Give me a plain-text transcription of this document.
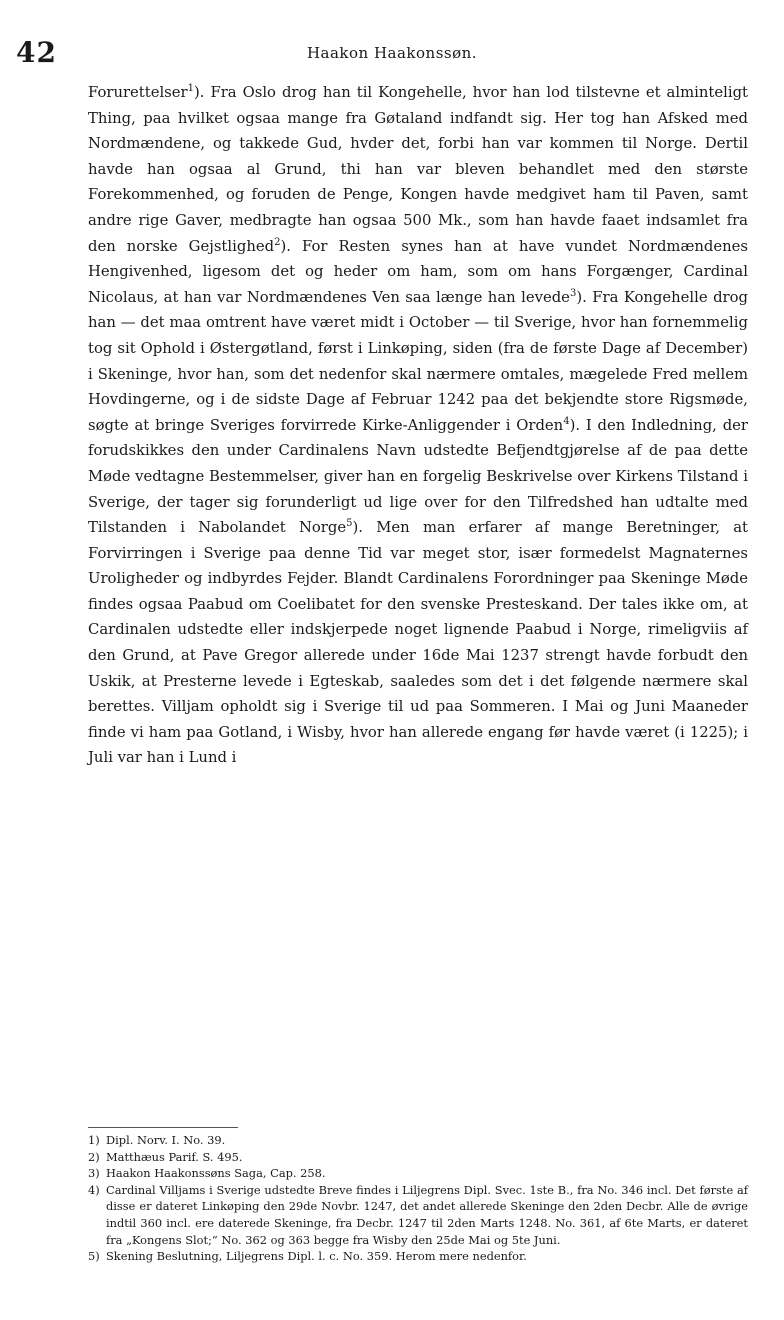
42	Haakon Haakonssøn.

Forurettelser$^1$). Fra Oslo drog han til Kongehelle, hvor han lod tilstevne et alminteligt Thing, paa hvilket ogsaa mange fra Gøtaland indfandt sig. Her tog han Afsked med Nordmændene, og takkede Gud, hvder det, forbi han var kommen til Norge. Dertil havde han ogsaa al Grund, thi han var bleven behandlet med den største Forekommenhed, og foruden de Penge, Kongen havde medgivet ham til Paven, samt andre rige Gaver, medbragte han ogsaa 500 Mk., som han havde faaet indsamlet fra den norske Gejstlighed$^2$). For Resten synes han at have vundet Nordmændenes Hengivenhed, ligesom det og heder om ham, som om hans Forgænger, Cardinal Nicolaus, at han var Nordmændenes Ven saa længe han levede$^3$). Fra Kongehelle drog han — det maa omtrent have været midt i October — til Sverige, hvor han fornemmelig tog sit Ophold i Østergøtland, først i Linkøping, siden (fra de første Dage af December) i Skeninge, hvor han, som det nedenfor skal nærmere omtales, mægelede Fred mellem Hovdingerne, og i de sidste Dage af Februar 1242 paa det bekjendte store Rigsmøde, søgte at bringe Sveriges forvirrede Kirke-Anliggender i Orden$^4$). I den Indledning, der forudskikkes den under Cardinalens Navn udstedte Befjendtgjørelse af de paa dette Møde vedtagne Bestemmelser, giver han en forgelig Beskrivelse over Kirkens Tilstand i Sverige, der tager sig forunderligt ud lige over for den Tilfredshed han udtalte med Tilstanden i Nabolandet Norge$^5$). Men man erfarer af mange Beretninger, at Forvirringen i Sverige paa denne Tid var meget stor, især formedelst Magnaternes Uroligheder og indbyrdes Fejder. Blandt Cardinalens Forordninger paa Skeninge Møde findes ogsaa Paabud om Coelibatet for den svenske Presteskand. Der tales ikke om, at Cardinalen udstedte eller indskjerpede noget lignende Paabud i Norge, rimeligviis af den Grund, at Pave Gregor allerede under 16de Mai 1237 strengt havde forbudt den Uskik, at Presterne levede i Egteskab, saaledes som det i det følgende nærmere skal berettes. Villjam opholdt sig i Sverige til ud paa Sommeren. I Mai og Juni Maaneder finde vi ham paa Gotland, i Wisby, hvor han allerede engang før havde været (i 1225); i Juli var han i Lund i

1) Dipl. Norv. I. No. 39.

2) Matthæus Parif. S. 495.

3) Haakon Haakonssøns Saga, Cap. 258.

4) Cardinal Villjams i Sverige udstedte Breve findes i Liljegrens Dipl. Svec. 1ste B., fra No. 346 incl. Det første af disse er dateret Linkøping den 29de Novbr. 1247, det andet allerede Skeninge den 2den Decbr. Alle de øvrige indtil 360 incl. ere daterede Skeninge, fra Decbr. 1247 til 2den Marts 1248. No. 361, af 6te Marts, er dateret fra „Kongens Slot;“ No. 362 og 363 begge fra Wisby den 25de Mai og 5te Juni.

5) Skening Beslutning, Liljegrens Dipl. l. c. No. 359. Herom mere nedenfor.
